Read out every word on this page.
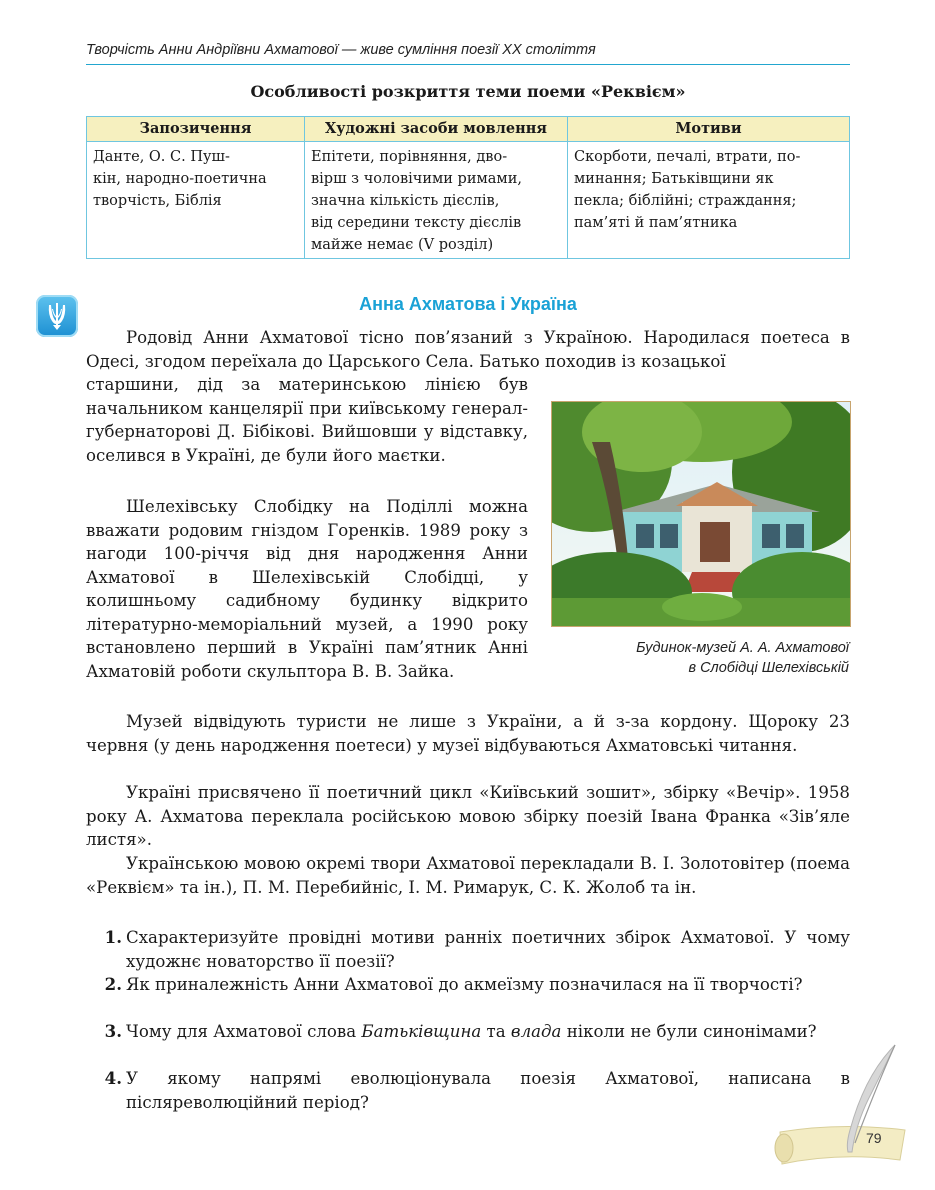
Творчість Анни Андріївни Ахматової — живе сумління поезії ХХ століття
Особливості розкриття теми поеми «Реквієм»
Запозичення	Художні засоби мовлення	Мотиви
Данте, О. С. Пуш-
кін, народно-поетична
творчість, Біблія	Епітети, порівняння, дво-
вірш з чоловічими римами,
значна кількість дієслів,
від середини тексту дієслів
майже немає (V розділ)	Скорботи, печалі, втрати, по-
минання; Батьківщини як
пекла; біблійні; страждання;
пам’яті й пам’ятника
Анна Ахматова і Україна
Родовід Анни Ахматової тісно пов’язаний з Україною. Народилася поетеса в Одесі, згодом переїхала до Царського Села. Батько походив із козацької
старшини, дід за материнською лінією був начальником канцелярії при київському генерал-губернаторові Д. Бібікові. Вийшовши у відставку, оселився в Україні, де були його маєтки.
Шелехівську Слобідку на Поділлі можна вважати родовим гніздом Горенків. 1989 року з нагоди 100-річчя від дня народження Анни Ахматової в Шелехівській Слобідці, у колишньому садибному будинку відкрито літературно-меморіальний музей, а 1990 року встановлено перший в Україні пам’ятник Анні Ахматовій роботи скульптора В. В. Зайка.
Будинок-музей А. А. Ахматової
в Слобідці Шелехівській
Музей відвідують туристи не лише з України, а й з-за кордону. Щороку 23 червня (у день народження поетеси) у музеї відбуваються Ахматовські читання.
Україні присвячено її поетичний цикл «Київський зошит», збірку «Вечір». 1958 року А. Ахматова переклала російською мовою збірку поезій Івана Франка «Зів’яле листя».
Українською мовою окремі твори Ахматової перекладали В. І. Золотовітер (поема «Реквієм» та ін.), П. М. Перебийніс, І. М. Римарук, С. К. Жолоб та ін.
1. Схарактеризуйте провідні мотиви ранніх поетичних збірок Ахматової. У чому художнє новаторство її поезії?
2. Як приналежність Анни Ахматової до акмеїзму позначилася на її творчості?
3. Чому для Ахматової слова Батьківщина та влада ніколи не були синонімами?
4. У якому напрямі еволюціонувала поезія Ахматової, написана в післяреволюційний період?
79
